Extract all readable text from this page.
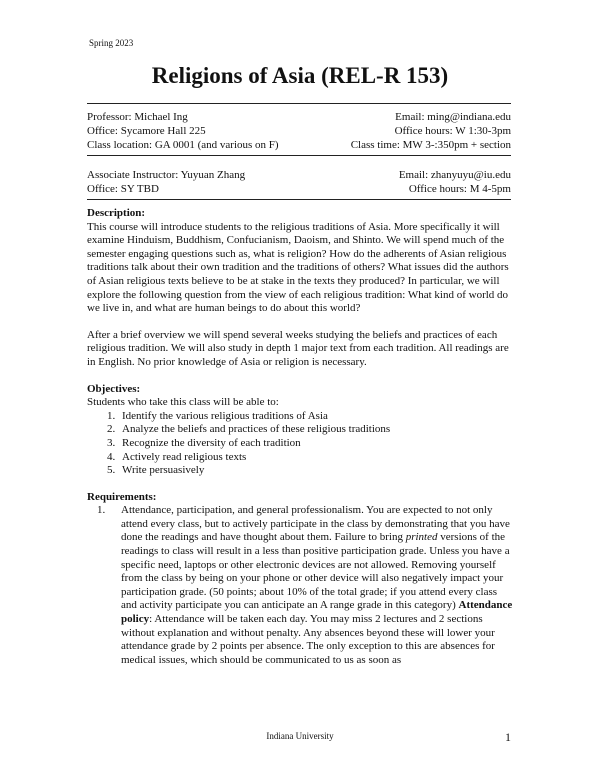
Spring 2023
Religions of Asia (REL-R 153)
Professor: Michael Ing	Email: ming@indiana.edu
Office: Sycamore Hall 225	Office hours: W 1:30-3pm
Class location: GA 0001 (and various on F)	Class time: MW 3-:350pm + section
Associate Instructor: Yuyuan Zhang	Email: zhanyuyu@iu.edu
Office: SY TBD	Office hours: M 4-5pm
Description:

This course will introduce students to the religious traditions of Asia. More specifically it will examine Hinduism, Buddhism, Confucianism, Daoism, and Shinto. We will spend much of the semester engaging questions such as, what is religion? How do the adherents of Asian religious traditions talk about their own tradition and the traditions of others? What issues did the authors of Asian religious texts believe to be at stake in the texts they produced? In particular, we will explore the following question from the view of each religious tradition: What kind of world do we live in, and what are human beings to do about this world?

After a brief overview we will spend several weeks studying the beliefs and practices of each religious tradition. We will also study in depth 1 major text from each tradition. All readings are in English. No prior knowledge of Asia or religion is necessary.

Objectives:

Students who take this class will be able to:

1. Identify the various religious traditions of Asia
2. Analyze the beliefs and practices of these religious traditions
3. Recognize the diversity of each tradition
4. Actively read religious texts
5. Write persuasively
Requirements:
1.	Attendance, participation, and general professionalism. You are expected to not only attend every class, but to actively participate in the class by demonstrating that you have done the readings and have thought about them. Failure to bring printed versions of the readings to class will result in a less than positive participation grade. Unless you have a specific need, laptops or other electronic devices are not allowed. Removing yourself from the class by being on your phone or other device will also negatively impact your participation grade. (50 points; about 10% of the total grade; if you attend every class and activity participate you can anticipate an A range grade in this category) Attendance policy: Attendance will be taken each day. You may miss 2 lectures and 2 sections without explanation and without penalty. Any absences beyond these will lower your attendance grade by 2 points per absence. The only exception to this are absences for medical issues, which should be communicated to us as soon as
Indiana University	1
